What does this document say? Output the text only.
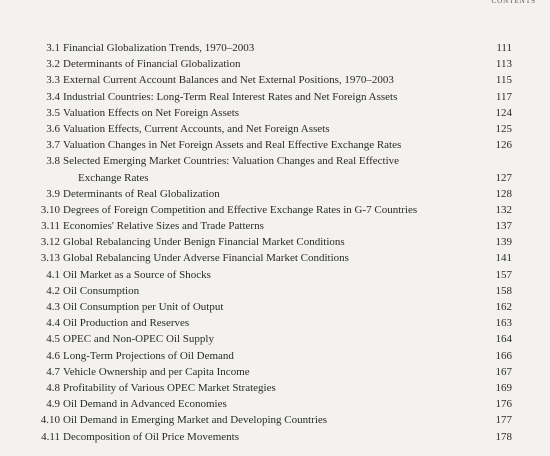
CONTENTS
3.1 Financial Globalization Trends, 1970–2003	111
3.2 Determinants of Financial Globalization	113
3.3 External Current Account Balances and Net External Positions, 1970–2003	115
3.4 Industrial Countries: Long-Term Real Interest Rates and Net Foreign Assets	117
3.5 Valuation Effects on Net Foreign Assets	124
3.6 Valuation Effects, Current Accounts, and Net Foreign Assets	125
3.7 Valuation Changes in Net Foreign Assets and Real Effective Exchange Rates	126
3.8 Selected Emerging Market Countries: Valuation Changes and Real Effective
Exchange Rates	127
3.9 Determinants of Real Globalization	128
3.10 Degrees of Foreign Competition and Effective Exchange Rates in G-7 Countries	132
3.11 Economies' Relative Sizes and Trade Patterns	137
3.12 Global Rebalancing Under Benign Financial Market Conditions	139
3.13 Global Rebalancing Under Adverse Financial Market Conditions	141
4.1 Oil Market as a Source of Shocks	157
4.2 Oil Consumption	158
4.3 Oil Consumption per Unit of Output	162
4.4 Oil Production and Reserves	163
4.5 OPEC and Non-OPEC Oil Supply	164
4.6 Long-Term Projections of Oil Demand	166
4.7 Vehicle Ownership and per Capita Income	167
4.8 Profitability of Various OPEC Market Strategies	169
4.9 Oil Demand in Advanced Economies	176
4.10 Oil Demand in Emerging Market and Developing Countries	177
4.11 Decomposition of Oil Price Movements	178
